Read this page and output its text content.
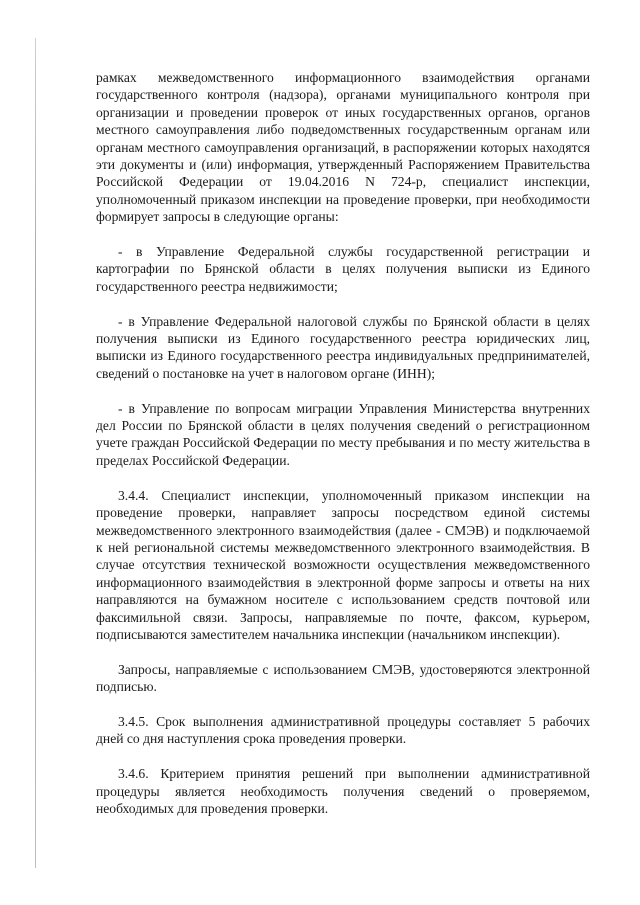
рамках межведомственного информационного взаимодействия органами государственного контроля (надзора), органами муниципального контроля при организации и проведении проверок от иных государственных органов, органов местного самоуправления либо подведомственных государственным органам или органам местного самоуправления организаций, в распоряжении которых находятся эти документы и (или) информация, утвержденный Распоряжением Правительства Российской Федерации от 19.04.2016 N 724-р, специалист инспекции, уполномоченный приказом инспекции на проведение проверки, при необходимости формирует запросы в следующие органы:

- в Управление Федеральной службы государственной регистрации и картографии по Брянской области в целях получения выписки из Единого государственного реестра недвижимости;

- в Управление Федеральной налоговой службы по Брянской области в целях получения выписки из Единого государственного реестра юридических лиц, выписки из Единого государственного реестра индивидуальных предпринимателей, сведений о постановке на учет в налоговом органе (ИНН);

- в Управление по вопросам миграции Управления Министерства внутренних дел России по Брянской области в целях получения сведений о регистрационном учете граждан Российской Федерации по месту пребывания и по месту жительства в пределах Российской Федерации.

3.4.4. Специалист инспекции, уполномоченный приказом инспекции на проведение проверки, направляет запросы посредством единой системы межведомственного электронного взаимодействия (далее - СМЭВ) и подключаемой к ней региональной системы межведомственного электронного взаимодействия. В случае отсутствия технической возможности осуществления межведомственного информационного взаимодействия в электронной форме запросы и ответы на них направляются на бумажном носителе с использованием средств почтовой или факсимильной связи. Запросы, направляемые по почте, факсом, курьером, подписываются заместителем начальника инспекции (начальником инспекции).

Запросы, направляемые с использованием СМЭВ, удостоверяются электронной подписью.

3.4.5. Срок выполнения административной процедуры составляет 5 рабочих дней со дня наступления срока проведения проверки.

3.4.6. Критерием принятия решений при выполнении административной процедуры является необходимость получения сведений о проверяемом, необходимых для проведения проверки.
